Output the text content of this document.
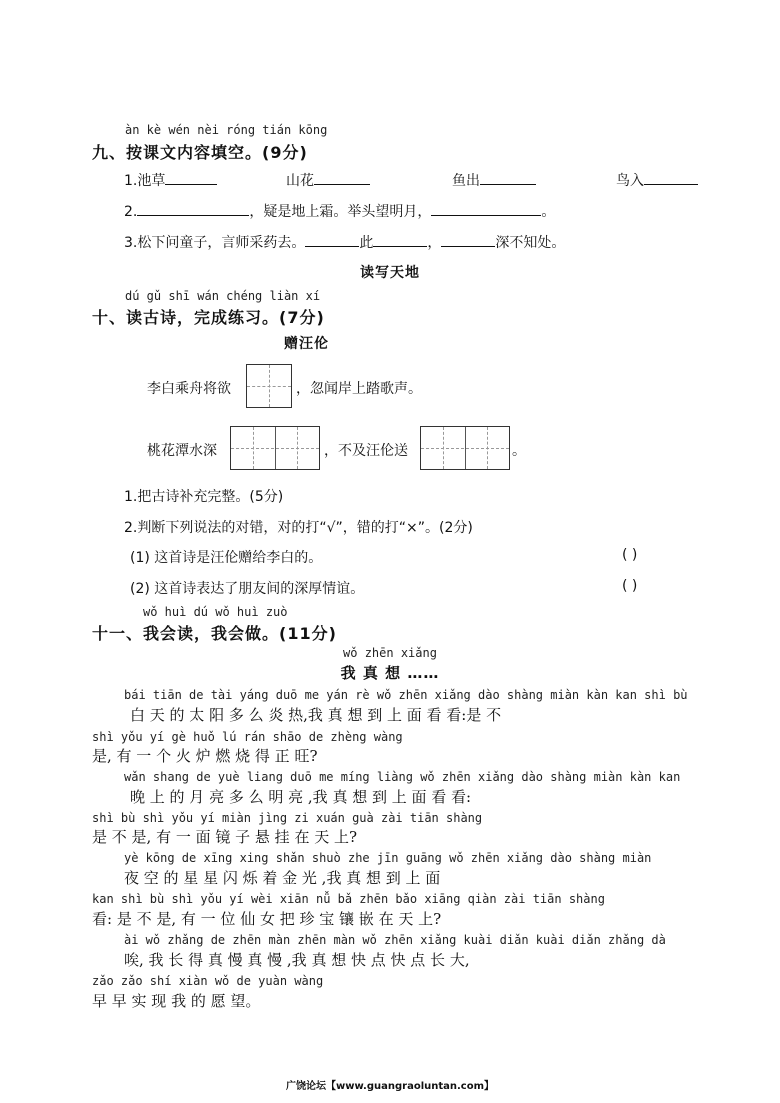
àn kè wén nèi róng tián kōng
九、按课文内容填空。(9分)
1.池草	山花	鱼出	鸟入
2.	，疑是地上霜。举头望明月，	。
3.松下问童子，言师采药去。	此	，	深不知处。
读写天地
dú gǔ shī wán chéng liàn xí
十、读古诗，完成练习。(7分)
赠汪伦
李白乘舟将欲	，忽闻岸上踏歌声。
桃花潭水深	，不及汪伦送	。
1.把古诗补充完整。(5分)
2.判断下列说法的对错，对的打“√”，错的打“×”。(2分)
(1) 这首诗是汪伦赠给李白的。	( )
(2) 这首诗表达了朋友间的深厚情谊。	( )
wǒ huì dú wǒ huì zuò
十一、我会读，我会做。(11分)
wǒ zhēn xiǎng
我 真 想 ……
bái tiān de tài yáng duō me yán rè wǒ zhēn xiǎng dào shàng miàn kàn kan shì bù
白 天 的 太 阳 多 么 炎 热,我 真 想 到 上 面 看 看:是 不
shì yǒu yí gè huǒ lú rán shāo de zhèng wàng
是, 有 一 个 火 炉 燃 烧 得 正 旺?
wǎn shang de yuè liang duō me míng liàng wǒ zhēn xiǎng dào shàng miàn kàn kan
晚 上 的 月 亮 多 么 明 亮 ,我 真 想 到 上 面 看 看:
shì bù shì yǒu yí miàn jìng zi xuán guà zài tiān shàng
是 不 是, 有 一 面 镜 子 悬 挂 在 天 上?
yè kōng de xīng xing shǎn shuò zhe jīn guāng wǒ zhēn xiǎng dào shàng miàn
夜 空 的 星 星 闪 烁 着 金 光 ,我 真 想 到 上 面
kan shì bù shì yǒu yí wèi xiān nǚ bǎ zhēn bǎo xiāng qiàn zài tiān shàng
看: 是 不 是, 有 一 位 仙 女 把 珍 宝 镶 嵌 在 天 上?
ài wǒ zhǎng de zhēn màn zhēn màn wǒ zhēn xiǎng kuài diǎn kuài diǎn zhǎng dà
唉, 我 长 得 真 慢 真 慢 ,我 真 想 快 点 快 点 长 大,
zǎo zǎo shí xiàn wǒ de yuàn wàng
早 早 实 现 我 的 愿 望。
广饶论坛【www.guangraoluntan.com】
